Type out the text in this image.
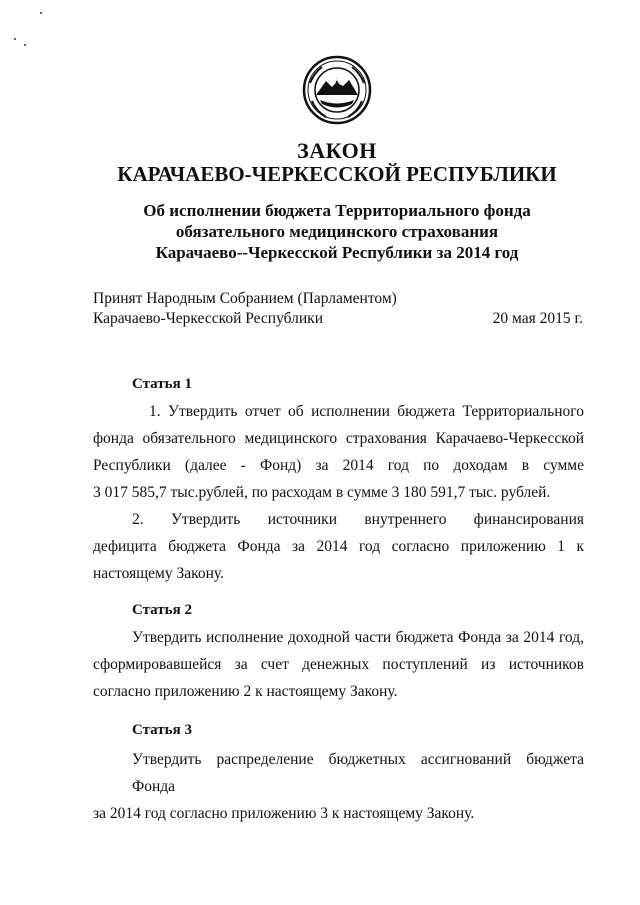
ЗАКОН
КАРАЧАЕВО-ЧЕРКЕССКОЙ РЕСПУБЛИКИ
Об исполнении бюджета Территориального фонда
обязательного медицинского страхования
Карачаево--Черкесской Республики за 2014 год
Принят Народным Собранием (Парламентом)
Карачаево-Черкесской Республики	20 мая 2015 г.
Статья 1
1. Утвердить отчет об исполнении бюджета Территориального
фонда обязательного медицинского страхования Карачаево-Черкесской
Республики (далее - Фонд) за 2014 год по доходам в сумме
3 017 585,7 тыс.рублей, по расходам в сумме 3 180 591,7 тыс. рублей.
2. Утвердить источники внутреннего финансирования
дефицита бюджета Фонда за 2014 год согласно приложению 1 к
настоящему Закону.
Статья 2
Утвердить исполнение доходной части бюджета Фонда за 2014 год,
сформировавшейся за счет денежных поступлений из источников
согласно приложению 2 к настоящему Закону.
Статья 3
Утвердить распределение бюджетных ассигнований бюджета Фонда
за 2014 год согласно приложению 3 к настоящему Закону.
